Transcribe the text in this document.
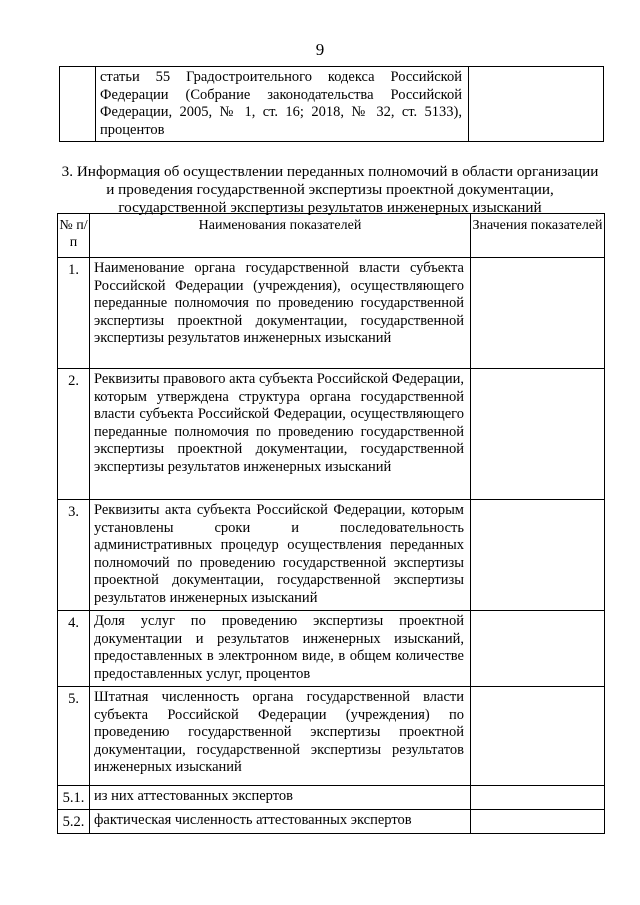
9
	статьи 55 Градостроительного кодекса Российской Федерации (Собрание законодательства Российской Федерации, 2005, № 1, ст. 16; 2018, № 32, ст. 5133), процентов	
3. Информация об осуществлении переданных полномочий в области организации
и проведения государственной экспертизы проектной документации,
государственной экспертизы результатов инженерных изысканий
№ п/п	Наименования показателей	Значения показателей
1.	Наименование органа государственной власти субъекта Российской Федерации (учреждения), осуществляющего переданные полномочия по проведению государственной экспертизы проектной документации, государственной экспертизы результатов инженерных изысканий	
2.	Реквизиты правового акта субъекта Российской Федерации, которым утверждена структура органа государственной власти субъекта Российской Федерации, осуществляющего переданные полномочия по проведению государственной экспертизы проектной документации, государственной экспертизы результатов инженерных изысканий	
3.	Реквизиты акта субъекта Российской Федерации, которым установлены сроки и последовательность административных процедур осуществления переданных полномочий по проведению государственной экспертизы проектной документации, государственной экспертизы результатов инженерных изысканий	
4.	Доля услуг по проведению экспертизы проектной документации и результатов инженерных изысканий, предоставленных в электронном виде, в общем количестве предоставленных услуг, процентов	
5.	Штатная численность органа государственной власти субъекта Российской Федерации (учреждения) по проведению государственной экспертизы проектной документации, государственной экспертизы результатов инженерных изысканий	
5.1.	из них аттестованных экспертов	
5.2.	фактическая численность аттестованных экспертов	
